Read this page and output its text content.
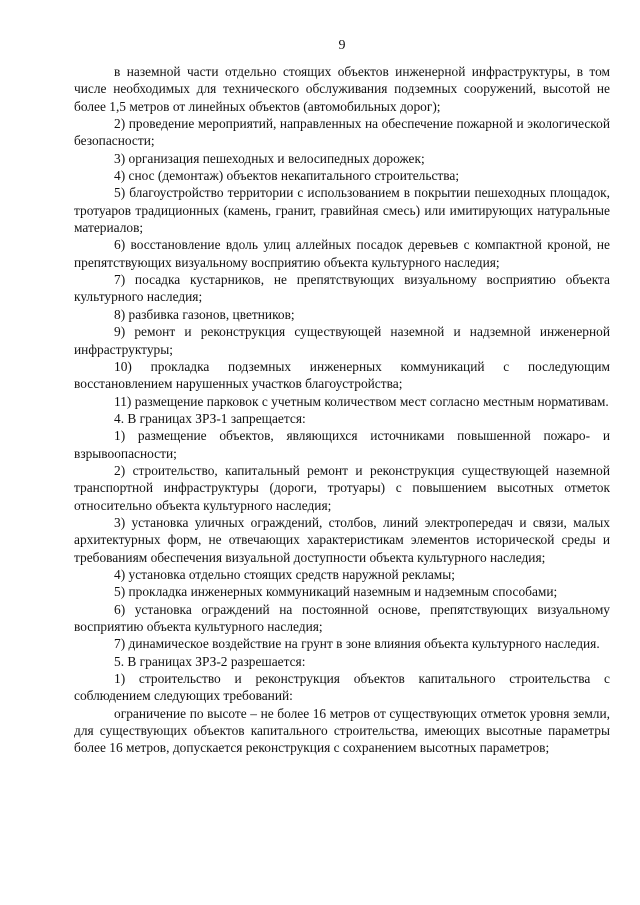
9

в наземной части отдельно стоящих объектов инженерной инфраструктуры, в том числе необходимых для технического обслуживания подземных сооружений, высотой не более 1,5 метров от линейных объектов (автомобильных дорог);

2) проведение мероприятий, направленных на обеспечение пожарной и экологической безопасности;

3) организация пешеходных и велосипедных дорожек;

4) снос (демонтаж) объектов некапитального строительства;

5) благоустройство территории с использованием в покрытии пешеходных площадок, тротуаров традиционных (камень, гранит, гравийная смесь) или имитирующих натуральные материалов;

6) восстановление вдоль улиц аллейных посадок деревьев с компактной кроной, не препятствующих визуальному восприятию объекта культурного наследия;

7) посадка кустарников, не препятствующих визуальному восприятию объекта культурного наследия;

8) разбивка газонов, цветников;

9) ремонт и реконструкция существующей наземной и надземной инженерной инфраструктуры;

10) прокладка подземных инженерных коммуникаций с последующим восстановлением нарушенных участков благоустройства;

11) размещение парковок с учетным количеством мест согласно местным нормативам.

4. В границах ЗРЗ-1 запрещается:

1) размещение объектов, являющихся источниками повышенной пожаро- и взрывоопасности;

2) строительство, капитальный ремонт и реконструкция существующей наземной транспортной инфраструктуры (дороги, тротуары) с повышением высотных отметок относительно объекта культурного наследия;

3) установка уличных ограждений, столбов, линий электропередач и связи, малых архитектурных форм, не отвечающих характеристикам элементов исторической среды и требованиям обеспечения визуальной доступности объекта культурного наследия;

4) установка отдельно стоящих средств наружной рекламы;

5) прокладка инженерных коммуникаций наземным и надземным способами;

6) установка ограждений на постоянной основе, препятствующих визуальному восприятию объекта культурного наследия;

7) динамическое воздействие на грунт в зоне влияния объекта культурного наследия.

5. В границах ЗРЗ-2 разрешается:

1) строительство и реконструкция объектов капитального строительства с соблюдением следующих требований:

ограничение по высоте – не более 16 метров от существующих отметок уровня земли, для существующих объектов капитального строительства, имеющих высотные параметры более 16 метров, допускается реконструкция с сохранением высотных параметров;
